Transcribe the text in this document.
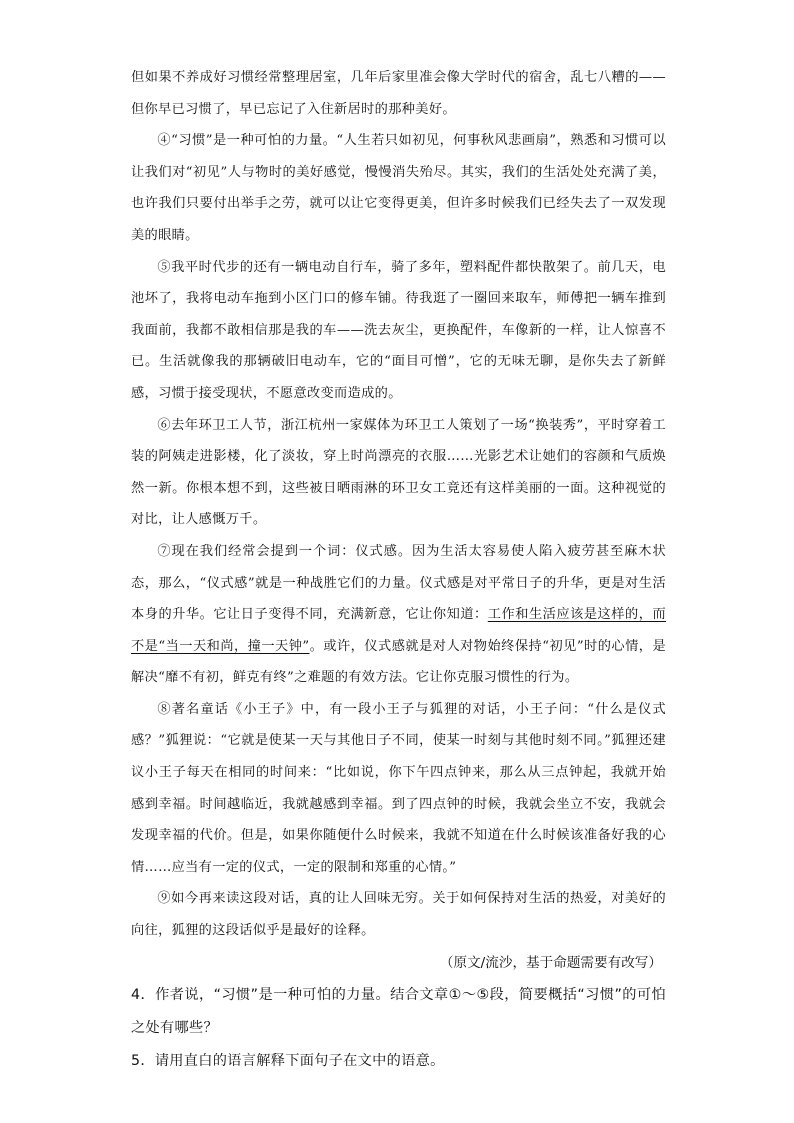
但如果不养成好习惯经常整理居室，几年后家里准会像大学时代的宿舍，乱七八糟的——但你早已习惯了，早已忘记了入住新居时的那种美好。

④“习惯”是一种可怕的力量。“人生若只如初见，何事秋风悲画扇”，熟悉和习惯可以让我们对“初见”人与物时的美好感觉，慢慢消失殆尽。其实，我们的生活处处充满了美，也许我们只要付出举手之劳，就可以让它变得更美，但许多时候我们已经失去了一双发现美的眼睛。

⑤我平时代步的还有一辆电动自行车，骑了多年，塑料配件都快散架了。前几天，电池坏了，我将电动车拖到小区门口的修车铺。待我逛了一圈回来取车，师傅把一辆车推到我面前，我都不敢相信那是我的车——洗去灰尘，更换配件，车像新的一样，让人惊喜不已。生活就像我的那辆破旧电动车，它的“面目可憎”，它的无味无聊，是你失去了新鲜感，习惯于接受现状，不愿意改变而造成的。

⑥去年环卫工人节，浙江杭州一家媒体为环卫工人策划了一场“换装秀”，平时穿着工装的阿姨走进影楼，化了淡妆，穿上时尚漂亮的衣服……光影艺术让她们的容颜和气质焕然一新。你根本想不到，这些被日晒雨淋的环卫女工竟还有这样美丽的一面。这种视觉的对比，让人感慨万千。

⑦现在我们经常会提到一个词：仪式感。因为生活太容易使人陷入疲劳甚至麻木状态，那么，“仪式感”就是一种战胜它们的力量。仪式感是对平常日子的升华，更是对生活本身的升华。它让日子变得不同，充满新意，它让你知道：工作和生活应该是这样的，而不是“当一天和尚，撞一天钟”。或许，仪式感就是对人对物始终保持“初见”时的心情，是解决“靡不有初，鲜克有终”之难题的有效方法。它让你克服习惯性的行为。

⑧著名童话《小王子》中，有一段小王子与狐狸的对话，小王子问：“什么是仪式感？”狐狸说：“它就是使某一天与其他日子不同，使某一时刻与其他时刻不同。”狐狸还建议小王子每天在相同的时间来：“比如说，你下午四点钟来，那么从三点钟起，我就开始感到幸福。时间越临近，我就越感到幸福。到了四点钟的时候，我就会坐立不安，我就会发现幸福的代价。但是，如果你随便什么时候来，我就不知道在什么时候该准备好我的心情……应当有一定的仪式，一定的限制和郑重的心情。”

⑨如今再来读这段对话，真的让人回味无穷。关于如何保持对生活的热爱，对美好的向往，狐狸的这段话似乎是最好的诠释。

（原文/流沙，基于命题需要有改写）

4．作者说，“习惯”是一种可怕的力量。结合文章①～⑤段，简要概括“习惯”的可怕之处有哪些？

5．请用直白的语言解释下面句子在文中的语意。
